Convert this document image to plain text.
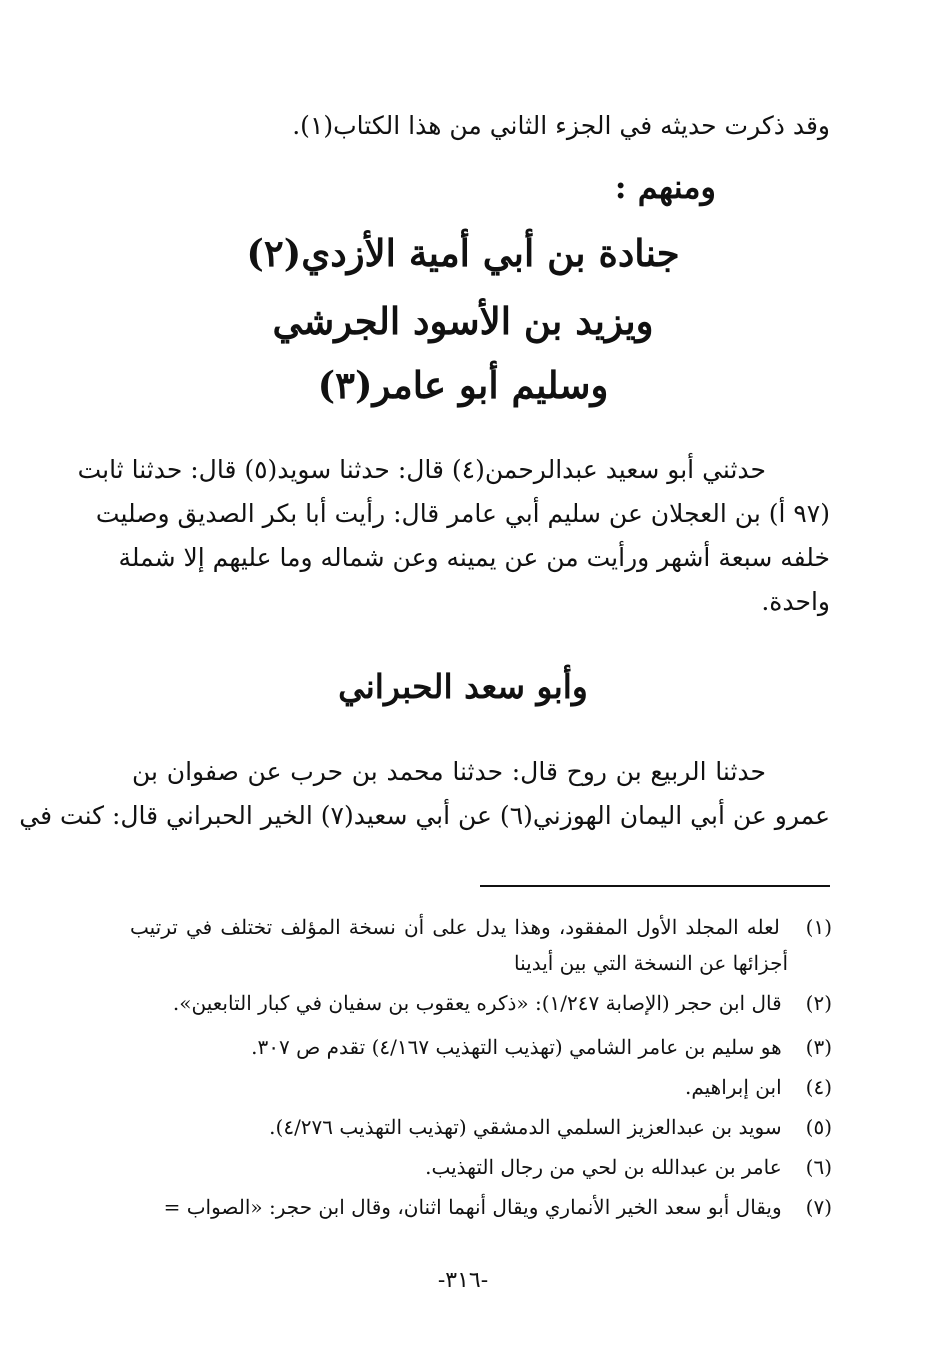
وقد ذكرت حديثه في الجزء الثاني من هذا الكتاب(١).
ومنهم :
جنادة بن أبي أمية الأزدي(٢)
ويزيد بن الأسود الجرشي
وسليم أبو عامر(٣)
حدثني أبو سعيد عبدالرحمن(٤) قال: حدثنا سويد(٥) قال: حدثنا ثابت
(٩٧ أ) بن العجلان عن سليم أبي عامر قال: رأيت أبا بكر الصديق وصليت
خلفه سبعة أشهر ورأيت من عن يمينه وعن شماله وما عليهم إلا شملة
واحدة.
وأبو سعد الحبراني
حدثنا الربيع بن روح قال: حدثنا محمد بن حرب عن صفوان بن
عمرو عن أبي اليمان الهوزني(٦) عن أبي سعيد(٧) الخير الحبراني قال: كنت في
(١) لعله المجلد الأول المفقود، وهذا يدل على أن نسخة المؤلف تختلف في ترتيب
أجزائها عن النسخة التي بين أيدينا
(٢) قال ابن حجر (الإصابة ١/٢٤٧): «ذكره يعقوب بن سفيان في كبار التابعين».
(٣) هو سليم بن عامر الشامي (تهذيب التهذيب ٤/١٦٧) تقدم ص ٣٠٧.
(٤) ابن إبراهيم.
(٥) سويد بن عبدالعزيز السلمي الدمشقي (تهذيب التهذيب ٤/٢٧٦).
(٦) عامر بن عبدالله بن لحي من رجال التهذيب.
(٧) ويقال أبو سعد الخير الأنماري ويقال أنهما اثنان، وقال ابن حجر: «الصواب =
-٣١٦-
